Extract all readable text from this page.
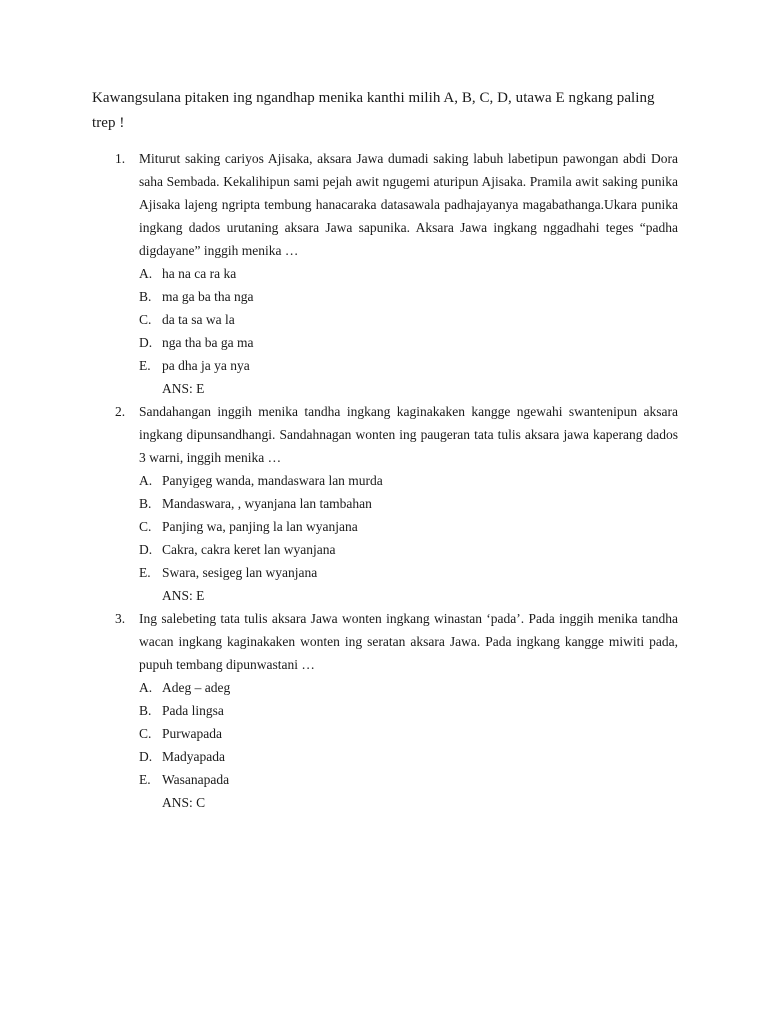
Kawangsulana pitaken ing ngandhap menika kanthi milih A, B, C, D, utawa E ngkang paling trep !

1. Miturut saking cariyos Ajisaka, aksara Jawa dumadi saking labuh labetipun pawongan abdi Dora saha Sembada. Kekalihipun sami pejah awit ngugemi aturipun Ajisaka. Pramila awit saking punika Ajisaka lajeng ngripta tembung hanacaraka datasawala padhajayanya magabathanga.Ukara punika ingkang dados urutaning aksara Jawa sapunika. Aksara Jawa ingkang nggadhahi teges “padha digdayane” inggih menika …

A. ha na ca ra ka
B. ma ga ba tha nga
C. da ta sa wa la
D. nga tha ba ga ma
E. pa dha ja ya nya

ANS: E

2. Sandahangan inggih menika tandha ingkang kaginakaken kangge ngewahi swantenipun aksara ingkang dipunsandhangi. Sandahnagan wonten ing paugeran tata tulis aksara jawa kaperang dados 3 warni, inggih menika …

A. Panyigeg wanda, mandaswara lan murda
B. Mandaswara, , wyanjana lan tambahan
C. Panjing wa, panjing la lan wyanjana
D. Cakra, cakra keret lan wyanjana
E. Swara, sesigeg lan wyanjana

ANS: E

3. Ing salebeting tata tulis aksara Jawa wonten ingkang winastan ‘pada’. Pada inggih menika tandha wacan ingkang kaginakaken wonten ing seratan aksara Jawa. Pada ingkang kangge miwiti pada, pupuh tembang dipunwastani …

A. Adeg – adeg
B. Pada lingsa
C. Purwapada
D. Madyapada
E. Wasanapada

ANS: C
